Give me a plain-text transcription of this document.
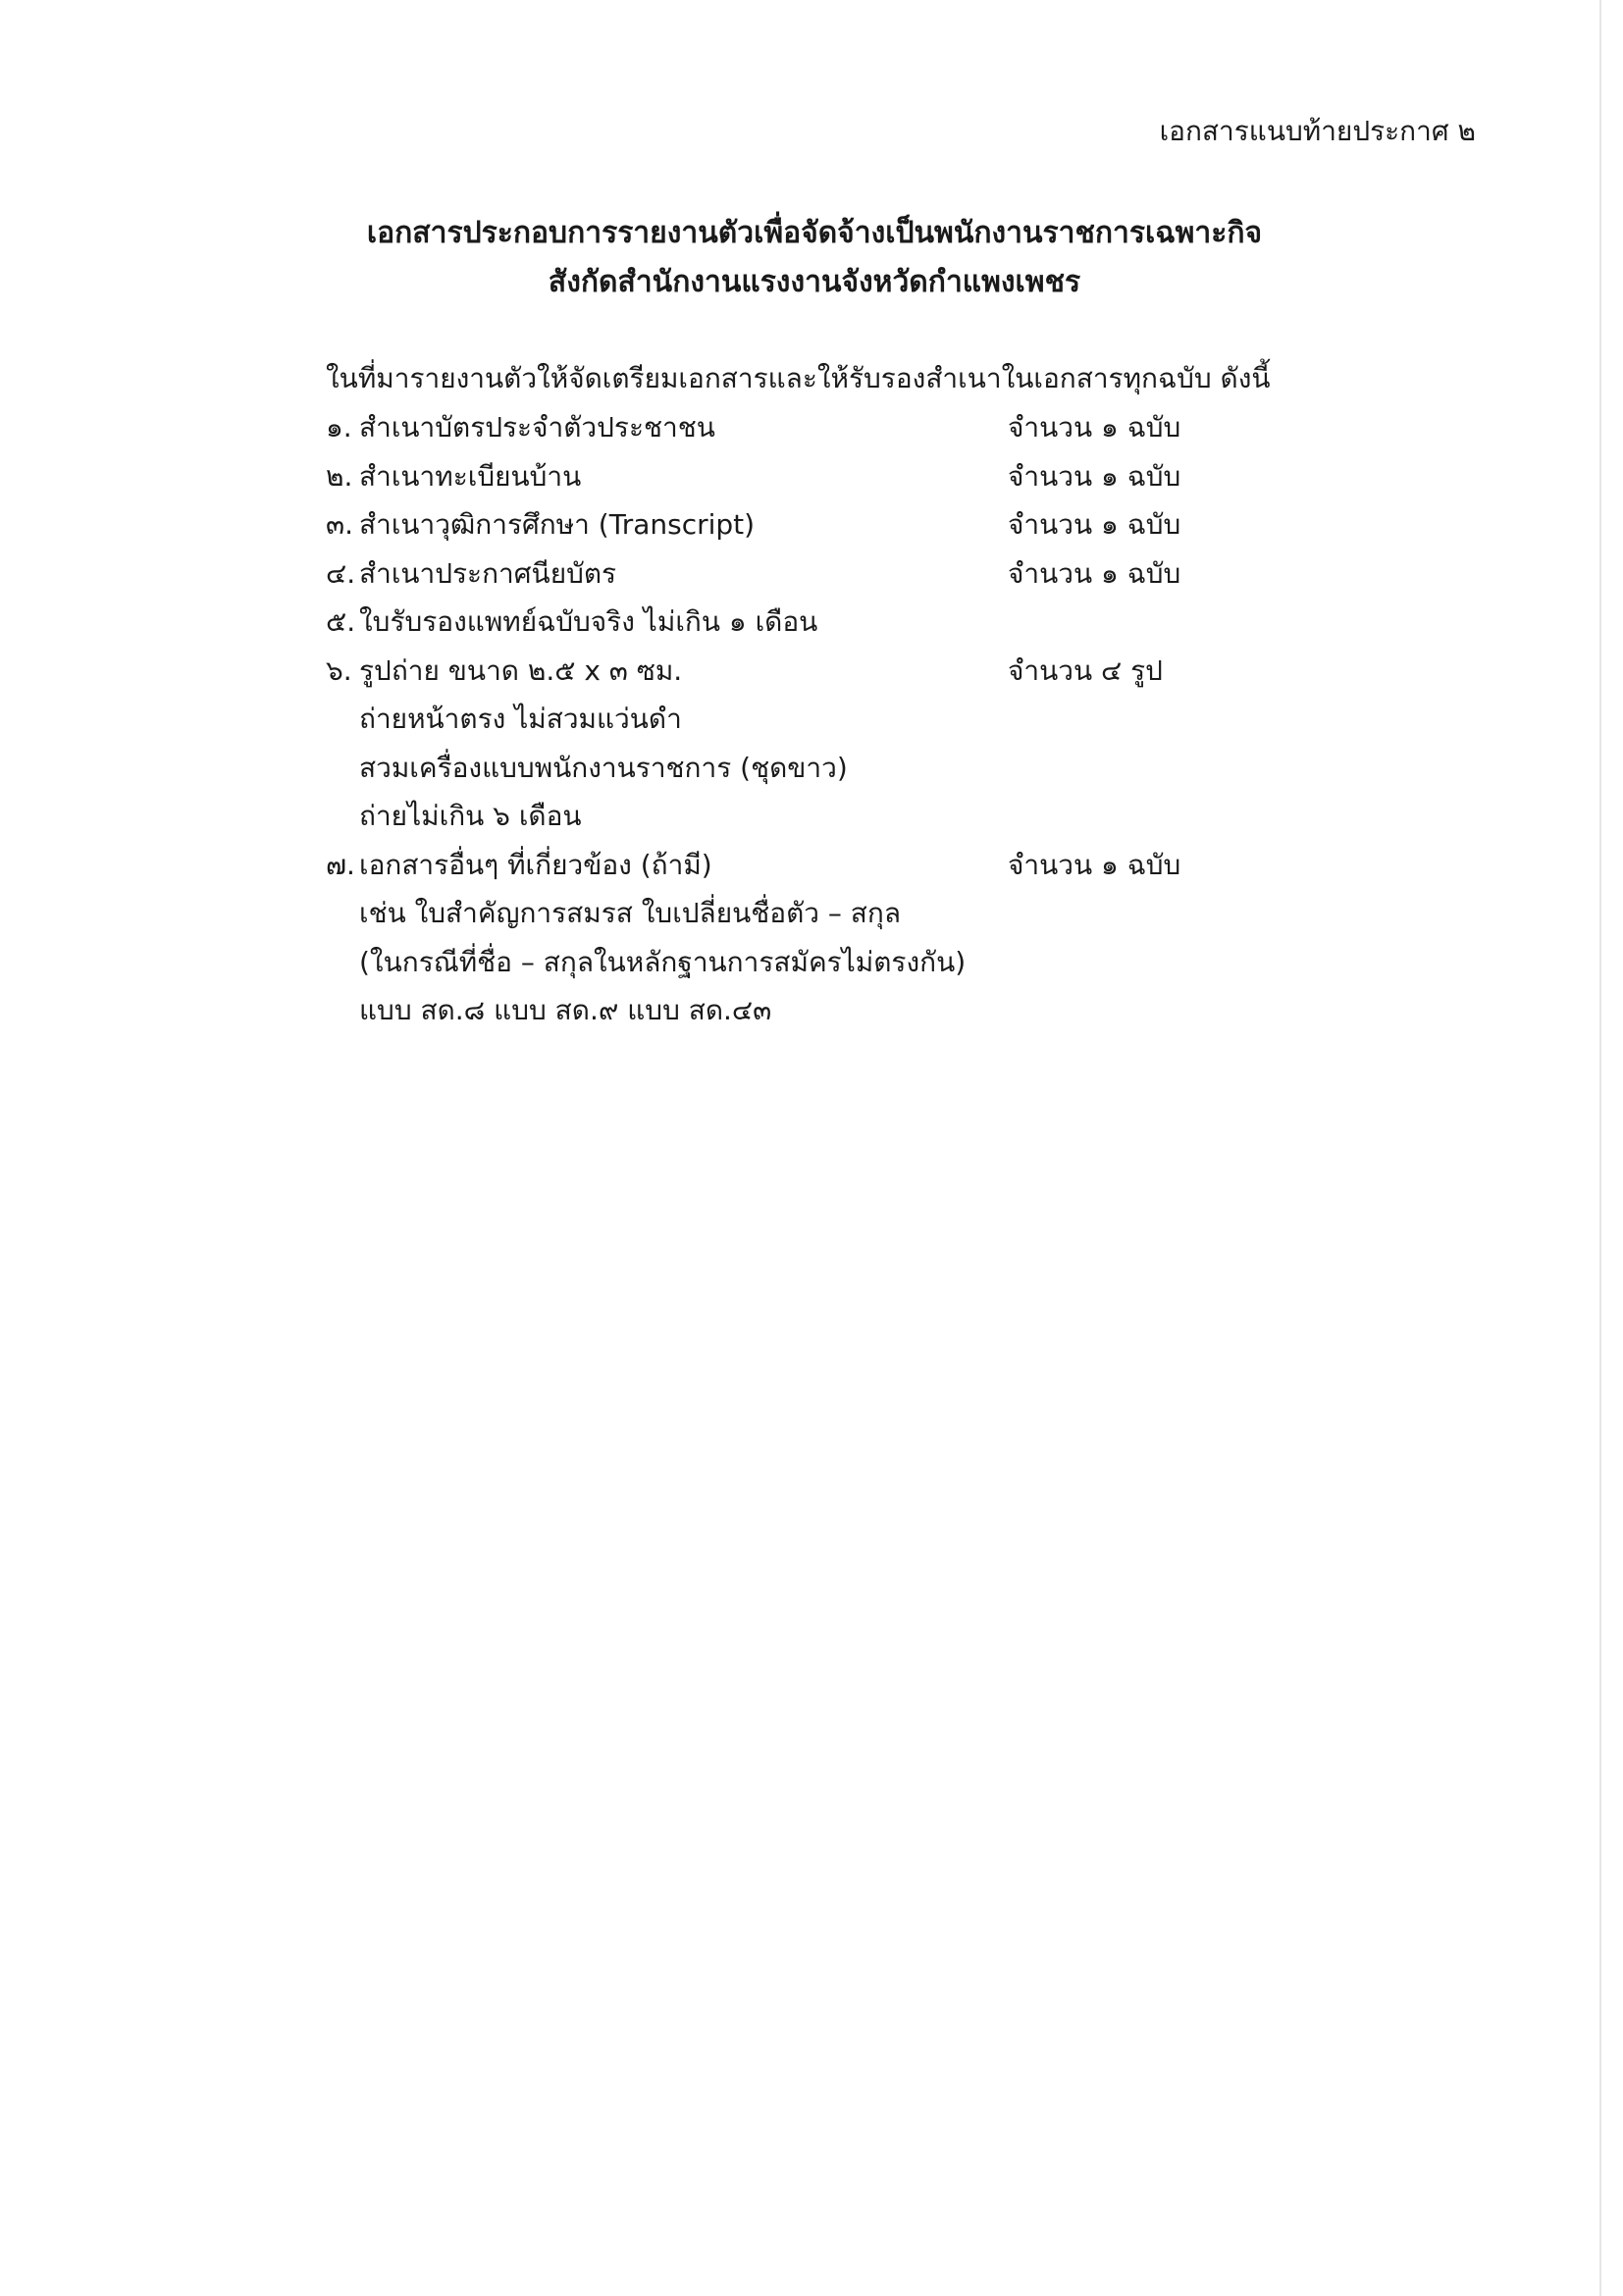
เอกสารแนบท้ายประกาศ ๒
เอกสารประกอบการรายงานตัวเพื่อจัดจ้างเป็นพนักงานราชการเฉพาะกิจ
สังกัดสำนักงานแรงงานจังหวัดกำแพงเพชร
ในที่มารายงานตัวให้จัดเตรียมเอกสารและให้รับรองสำเนาในเอกสารทุกฉบับ ดังนี้
๑. สำเนาบัตรประจำตัวประชาชน	จำนวน ๑ ฉบับ
๒. สำเนาทะเบียนบ้าน	จำนวน ๑ ฉบับ
๓. สำเนาวุฒิการศึกษา (Transcript)	จำนวน ๑ ฉบับ
๔. สำเนาประกาศนียบัตร	จำนวน ๑ ฉบับ
๕. ใบรับรองแพทย์ฉบับจริง ไม่เกิน ๑ เดือน
๖. รูปถ่าย ขนาด ๒.๕ x ๓ ซม.	จำนวน ๔ รูป
ถ่ายหน้าตรง ไม่สวมแว่นดำ
สวมเครื่องแบบพนักงานราชการ (ชุดขาว)
ถ่ายไม่เกิน ๖ เดือน
๗. เอกสารอื่นๆ ที่เกี่ยวข้อง (ถ้ามี)	จำนวน ๑ ฉบับ
เช่น ใบสำคัญการสมรส ใบเปลี่ยนชื่อตัว – สกุล
(ในกรณีที่ชื่อ – สกุลในหลักฐานการสมัครไม่ตรงกัน)
แบบ สด.๘ แบบ สด.๙ แบบ สด.๔๓
